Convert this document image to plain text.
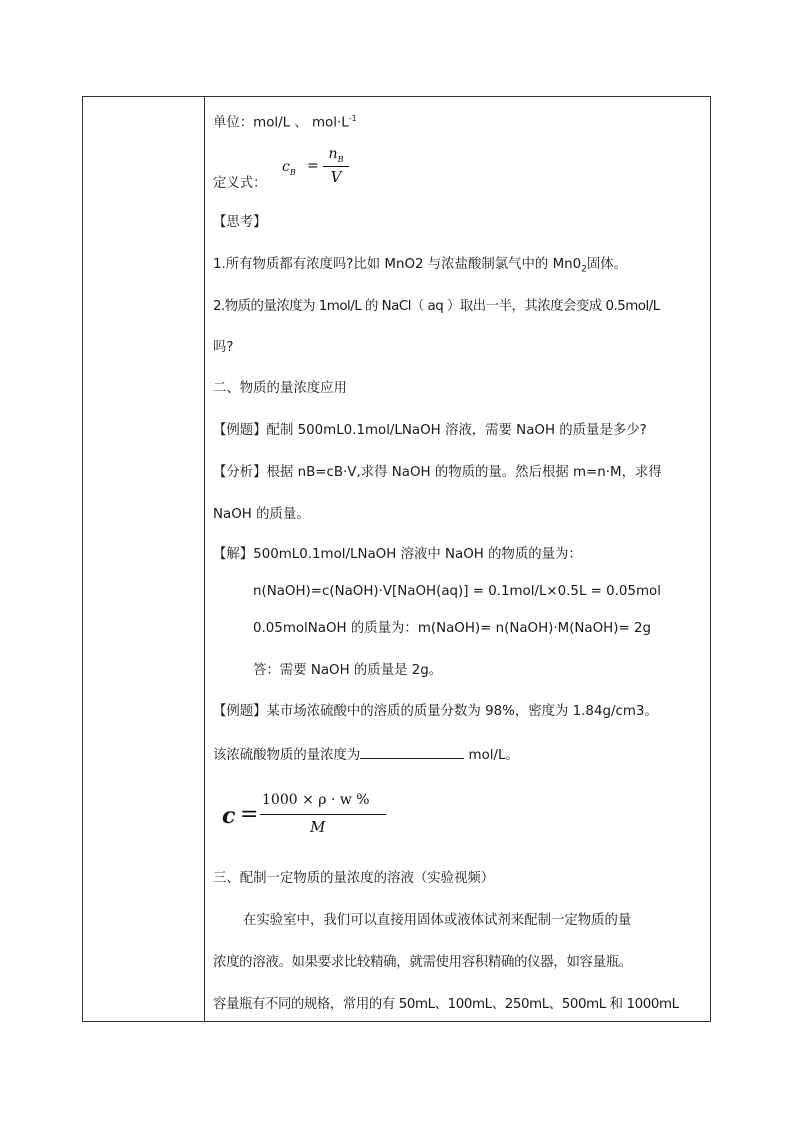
单位：mol/L 、 $mol\cdot L^{-1}$
定义式：
$c_B$ =
$n_B$
V
【思考】
1.所有物质都有浓度吗?比如 MnO2 与浓盐酸制氯气中的 $Mn0_2$固体。
2.物质的量浓度为 1mol/L 的 NaCl（ aq ）取出一半，其浓度会变成 0.5mol/L
吗?
二、物质的量浓度应用
【例题】配制 500mL0.1mol/LNaOH 溶液，需要 NaOH 的质量是多少?
【分析】根据 nB=cB·V,求得 NaOH 的物质的量。然后根据 m=n·M，求得
NaOH 的质量。
【解】500mL0.1mol/LNaOH 溶液中 NaOH 的物质的量为：
n(NaOH)=c(NaOH)·V[NaOH(aq)] = 0.1mol/L×0.5L = 0.05mol
0.05molNaOH 的质量为：m(NaOH)= n(NaOH)·M(NaOH)= 2g
答：需要 NaOH 的质量是 2g。
【例题】某市场浓硫酸中的溶质的质量分数为 98%，密度为 1.84g/cm3。
该浓硫酸物质的量浓度为	mol/L。
c =
1000 × ρ · w %
M
三、配制一定物质的量浓度的溶液（实验视频）
在实验室中，我们可以直接用固体或液体试剂来配制一定物质的量
浓度的溶液。如果要求比较精确，就需使用容积精确的仪器，如容量瓶。
容量瓶有不同的规格，常用的有 50mL、100mL、250mL、500mL 和 1000mL
